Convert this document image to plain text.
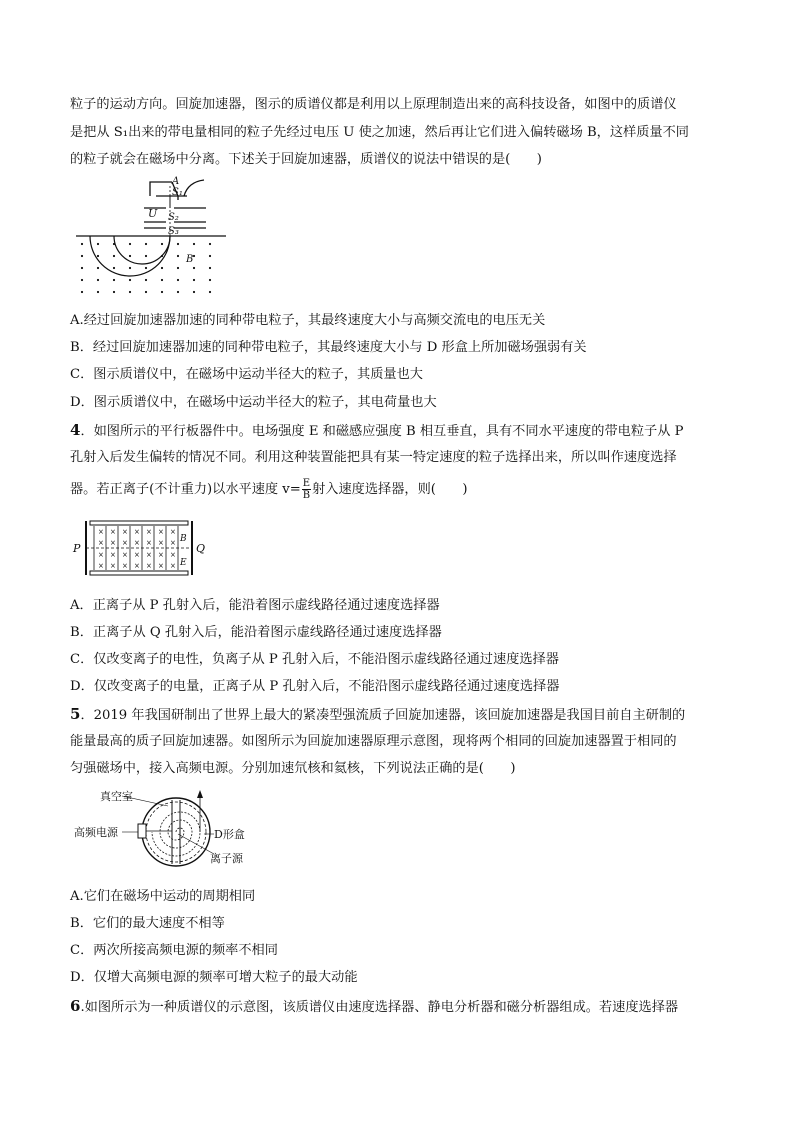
粒子的运动方向。回旋加速器，图示的质谱仪都是利用以上原理制造出来的高科技设备，如图中的质谱仪
是把从 S₁出来的带电量相同的粒子先经过电压 U 使之加速，然后再让它们进入偏转磁场 B，这样质量不同
的粒子就会在磁场中分离。下述关于回旋加速器，质谱仪的说法中错误的是(　　)
A
S₁
U S₂
S₃
B
A.经过回旋加速器加速的同种带电粒子，其最终速度大小与高频交流电的电压无关
B．经过回旋加速器加速的同种带电粒子，其最终速度大小与 D 形盒上所加磁场强弱有关
C．图示质谱仪中，在磁场中运动半径大的粒子，其质量也大
D．图示质谱仪中，在磁场中运动半径大的粒子，其电荷量也大
4．如图所示的平行板器件中。电场强度 E 和磁感应强度 B 相互垂直，具有不同水平速度的带电粒子从 P
孔射入后发生偏转的情况不同。利用这种装置能把具有某一特定速度的粒子选择出来，所以叫作速度选择
器。若正离子(不计重力)以水平速度 $v= \frac{E}{B}$ 射入速度选择器，则(　　)
× × × × × × ×
× × × × × × ×
× × × × × × ×
× × × × × × ×
P	Q
B
E
A．正离子从 P 孔射入后，能沿着图示虚线路径通过速度选择器
B．正离子从 Q 孔射入后，能沿着图示虚线路径通过速度选择器
C．仅改变离子的电性，负离子从 P 孔射入后，不能沿图示虚线路径通过速度选择器
D．仅改变离子的电量，正离子从 P 孔射入后，不能沿图示虚线路径通过速度选择器
5．2019 年我国研制出了世界上最大的紧凑型强流质子回旋加速器，该回旋加速器是我国目前自主研制的
能量最高的质子回旋加速器。如图所示为回旋加速器原理示意图，现将两个相同的回旋加速器置于相同的
匀强磁场中，接入高频电源。分别加速氘核和氦核，下列说法正确的是(　　)
真空室
高频电源	D形盒
离子源
A.它们在磁场中运动的周期相同
B．它们的最大速度不相等
C．两次所接高频电源的频率不相同
D．仅增大高频电源的频率可增大粒子的最大动能
6.如图所示为一种质谱仪的示意图，该质谱仪由速度选择器、静电分析器和磁分析器组成。若速度选择器
